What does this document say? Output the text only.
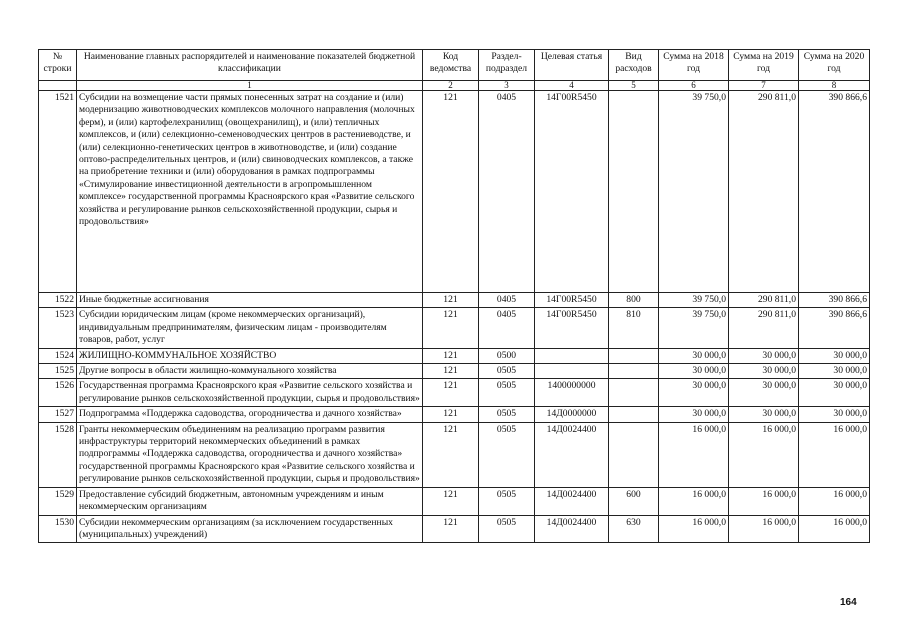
№ строки	Наименование главных распорядителей и наименование показателей бюджетной классификации	Код ведомства	Раздел-подраздел	Целевая статья	Вид расходов	Сумма на 2018 год	Сумма на 2019 год	Сумма на 2020 год
	1	2	3	4	5	6	7	8
1521	Субсидии на возмещение части прямых понесенных затрат на создание и (или) модернизацию животноводческих комплексов молочного направления (молочных ферм), и (или) картофелехранилищ (овощехранилищ), и (или) тепличных комплексов, и (или) селекционно-семеноводческих центров в растениеводстве, и (или) селекционно-генетических центров в животноводстве, и (или) создание оптово-распределительных центров, и (или) свиноводческих комплексов, а также на приобретение техники и (или) оборудования в рамках подпрограммы «Стимулирование инвестиционной деятельности в агропромышленном комплексе» государственной программы Красноярского края «Развитие сельского хозяйства и регулирование рынков сельскохозяйственной продукции, сырья и продовольствия»	121	0405	14Г00R5450		39 750,0	290 811,0	390 866,6
1522	Иные бюджетные ассигнования	121	0405	14Г00R5450	800	39 750,0	290 811,0	390 866,6
1523	Субсидии юридическим лицам (кроме некоммерческих организаций), индивидуальным предпринимателям, физическим лицам - производителям товаров, работ, услуг	121	0405	14Г00R5450	810	39 750,0	290 811,0	390 866,6
1524	ЖИЛИЩНО-КОММУНАЛЬНОЕ ХОЗЯЙСТВО	121	0500			30 000,0	30 000,0	30 000,0
1525	Другие вопросы в области жилищно-коммунального хозяйства	121	0505			30 000,0	30 000,0	30 000,0
1526	Государственная программа Красноярского края «Развитие сельского хозяйства и регулирование рынков сельскохозяйственной продукции, сырья и продовольствия»	121	0505	1400000000		30 000,0	30 000,0	30 000,0
1527	Подпрограмма «Поддержка садоводства, огородничества и дачного хозяйства»	121	0505	14Д0000000		30 000,0	30 000,0	30 000,0
1528	Гранты некоммерческим объединениям на реализацию программ развития инфраструктуры территорий некоммерческих объединений в рамках подпрограммы «Поддержка садоводства, огородничества и дачного хозяйства» государственной программы Красноярского края «Развитие сельского хозяйства и регулирование рынков сельскохозяйственной продукции, сырья и продовольствия»	121	0505	14Д0024400		16 000,0	16 000,0	16 000,0
1529	Предоставление субсидий бюджетным, автономным учреждениям и иным некоммерческим организациям	121	0505	14Д0024400	600	16 000,0	16 000,0	16 000,0
1530	Субсидии некоммерческим организациям (за исключением государственных (муниципальных) учреждений)	121	0505	14Д0024400	630	16 000,0	16 000,0	16 000,0
164
